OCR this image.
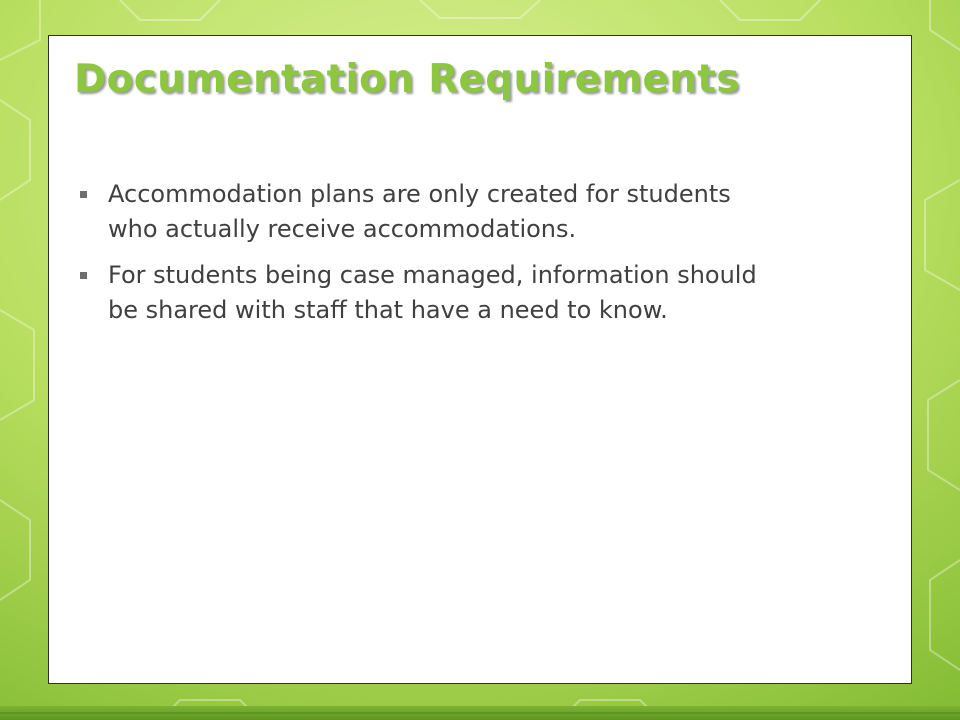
Documentation Requirements
Accommodation plans are only created for students who actually receive accommodations.
For students being case managed, information should be shared with staff that have a need to know.
